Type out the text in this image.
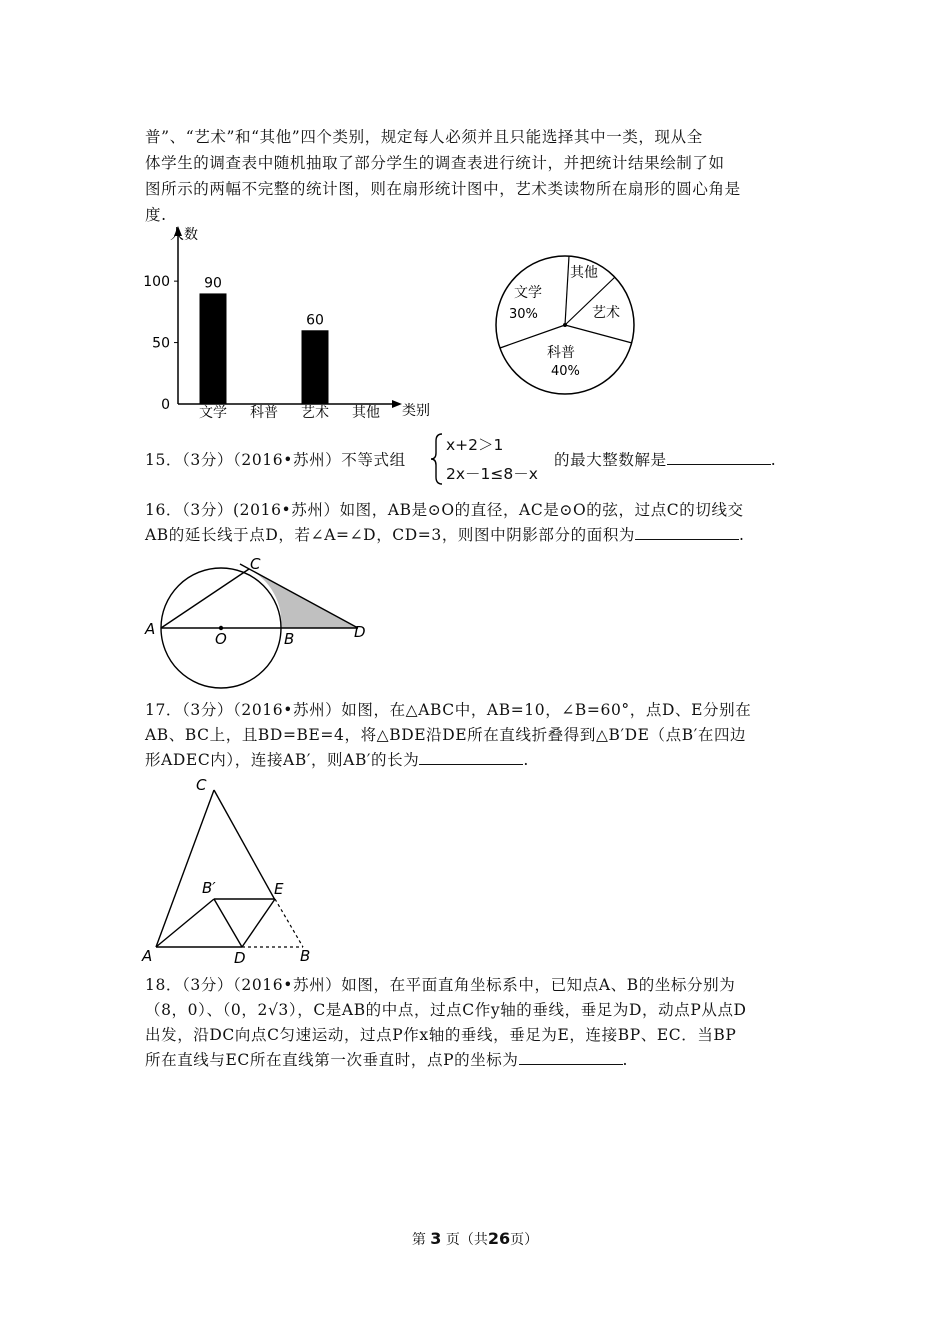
普”、“艺术”和“其他”四个类别，规定每人必须并且只能选择其中一类，现从全
体学生的调查表中随机抽取了部分学生的调查表进行统计，并把统计结果绘制了如
图所示的两幅不完整的统计图，则在扇形统计图中，艺术类读物所在扇形的圆心角是
度.
人数
类别
0
50
100 90
文学 科普
60
艺术 其他
文学
30%
其他
艺术
科普
40%
15．（3分）（2016•苏州）不等式组
x+2＞1
2x－1≤8－x
的最大整数解是	.
16．（3分）(2016•苏州）如图，AB是⊙O的直径，AC是⊙O的弦，过点C的切线交
AB的延长线于点D，若∠A=∠D，CD=3，则图中阴影部分的面积为	.
A
O	B
C
D
17．（3分）（2016•苏州）如图，在△ABC中，AB=10，∠B=60°，点D、E分别在
AB、BC上，且BD=BE=4，将△BDE沿DE所在直线折叠得到△B′DE（点B′在四边
形ADEC内），连接AB′，则AB′的长为	.
C
B′	E
A	D	B
18．（3分）（2016•苏州）如图，在平面直角坐标系中，已知点A、B的坐标分别为
（8，0）、（0，2√3），C是AB的中点，过点C作y轴的垂线，垂足为D，动点P从点D
出发，沿DC向点C匀速运动，过点P作x轴的垂线，垂足为E，连接BP、EC．当BP
所在直线与EC所在直线第一次垂直时，点P的坐标为	.
第 3 页（共26页）
